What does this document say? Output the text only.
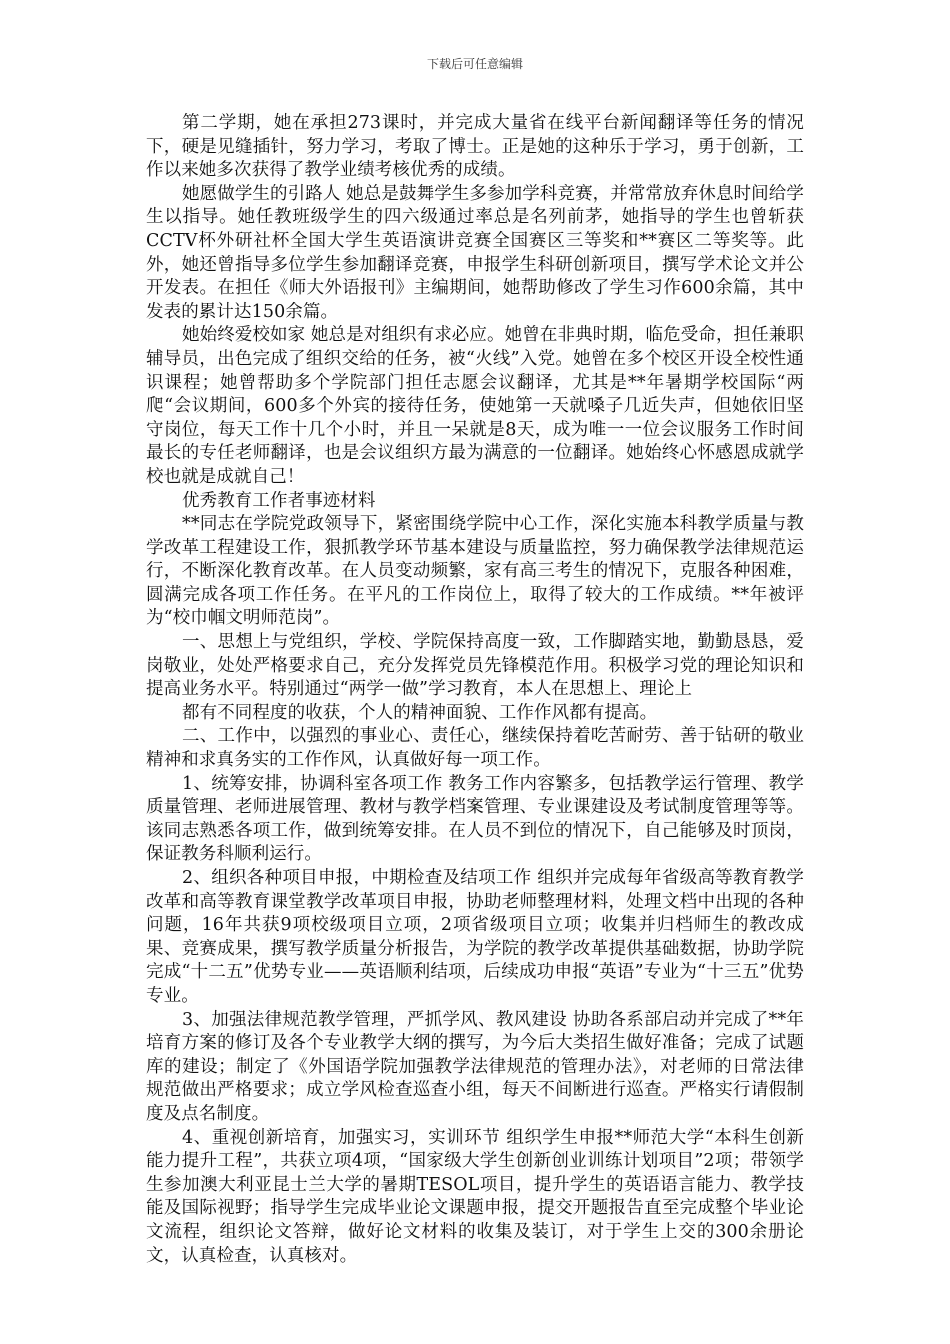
下载后可任意编辑

第二学期，她在承担273课时，并完成大量省在线平台新闻翻译等任务的情况下，硬是见缝插针，努力学习，考取了博士。正是她的这种乐于学习，勇于创新，工作以来她多次获得了教学业绩考核优秀的成绩。

她愿做学生的引路人 她总是鼓舞学生多参加学科竞赛，并常常放弃休息时间给学生以指导。她任教班级学生的四六级通过率总是名列前茅，她指导的学生也曾斩获CCTV杯外研社杯全国大学生英语演讲竞赛全国赛区三等奖和**赛区二等奖等。此外，她还曾指导多位学生参加翻译竞赛，申报学生科研创新项目，撰写学术论文并公开发表。在担任《师大外语报刊》主编期间，她帮助修改了学生习作600余篇，其中发表的累计达150余篇。

她始终爱校如家 她总是对组织有求必应。她曾在非典时期，临危受命，担任兼职辅导员，出色完成了组织交给的任务，被“火线”入党。她曾在多个校区开设全校性通识课程；她曾帮助多个学院部门担任志愿会议翻译，尤其是**年暑期学校国际“两爬“会议期间，600多个外宾的接待任务，使她第一天就嗓子几近失声，但她依旧坚守岗位，每天工作十几个小时，并且一呆就是8天，成为唯一一位会议服务工作时间最长的专任老师翻译，也是会议组织方最为满意的一位翻译。她始终心怀感恩成就学校也就是成就自己！

优秀教育工作者事迹材料

**同志在学院党政领导下，紧密围绕学院中心工作，深化实施本科教学质量与教学改革工程建设工作，狠抓教学环节基本建设与质量监控，努力确保教学法律规范运行，不断深化教育改革。在人员变动频繁，家有高三考生的情况下，克服各种困难，圆满完成各项工作任务。在平凡的工作岗位上，取得了较大的工作成绩。**年被评为“校巾帼文明师范岗”。

一、思想上与党组织，学校、学院保持高度一致，工作脚踏实地，勤勤恳恳，爱岗敬业，处处严格要求自己，充分发挥党员先锋模范作用。积极学习党的理论知识和提高业务水平。特别通过“两学一做”学习教育，本人在思想上、理论上

都有不同程度的收获，个人的精神面貌、工作作风都有提高。

二、工作中，以强烈的事业心、责任心，继续保持着吃苦耐劳、善于钻研的敬业精神和求真务实的工作作风，认真做好每一项工作。

1、统筹安排，协调科室各项工作 教务工作内容繁多，包括教学运行管理、教学质量管理、老师进展管理、教材与教学档案管理、专业课建设及考试制度管理等等。该同志熟悉各项工作，做到统筹安排。在人员不到位的情况下，自己能够及时顶岗，保证教务科顺利运行。

2、组织各种项目申报，中期检查及结项工作 组织并完成每年省级高等教育教学改革和高等教育课堂教学改革项目申报，协助老师整理材料，处理文档中出现的各种问题，16年共获9项校级项目立项，2项省级项目立项；收集并归档师生的教改成果、竞赛成果，撰写教学质量分析报告，为学院的教学改革提供基础数据，协助学院完成“十二五”优势专业——英语顺利结项，后续成功申报“英语”专业为“十三五”优势专业。

3、加强法律规范教学管理，严抓学风、教风建设 协助各系部启动并完成了**年培育方案的修订及各个专业教学大纲的撰写，为今后大类招生做好准备；完成了试题库的建设；制定了《外国语学院加强教学法律规范的管理办法》，对老师的日常法律规范做出严格要求；成立学风检查巡查小组，每天不间断进行巡查。严格实行请假制度及点名制度。

4、重视创新培育，加强实习，实训环节 组织学生申报**师范大学“本科生创新能力提升工程”，共获立项4项，“国家级大学生创新创业训练计划项目”2项；带领学生参加澳大利亚昆士兰大学的暑期TESOL项目，提升学生的英语语言能力、教学技能及国际视野；指导学生完成毕业论文课题申报，提交开题报告直至完成整个毕业论文流程，组织论文答辩，做好论文材料的收集及装订，对于学生上交的300余册论文，认真检查，认真核对。
